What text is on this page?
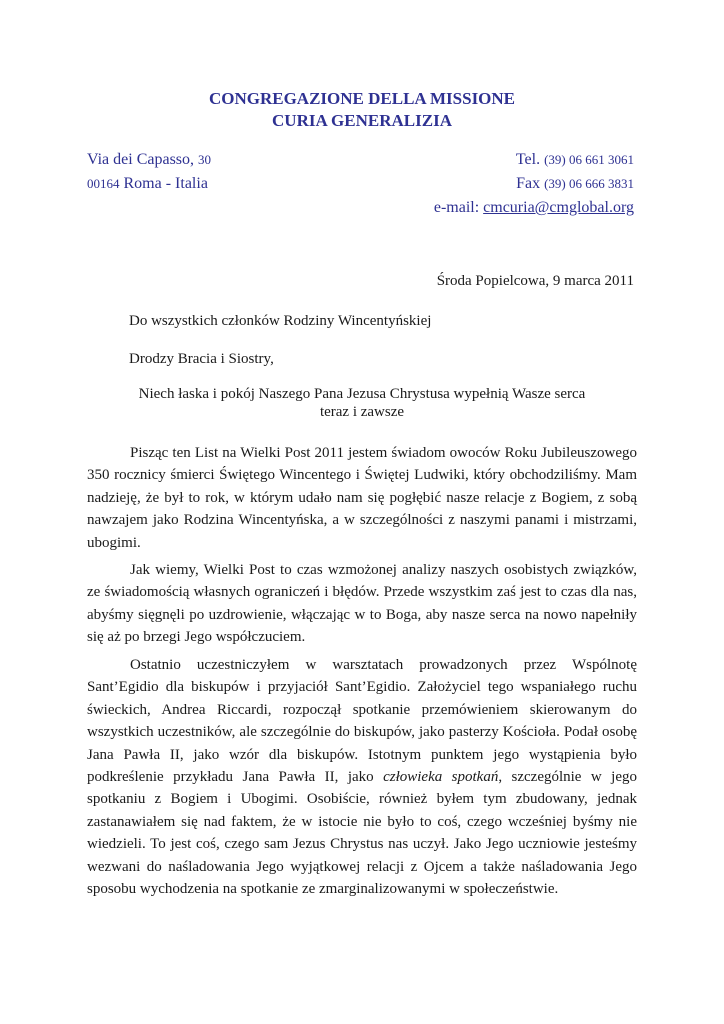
CONGREGAZIONE DELLA MISSIONE
CURIA GENERALIZIA
Via dei Capasso, 30
00164 Roma - Italia
Tel. (39) 06 661 3061
Fax (39) 06 666 3831
e-mail: cmcuria@cmglobal.org
Środa Popielcowa, 9 marca 2011
Do wszystkich członków Rodziny Wincentyńskiej
Drodzy Bracia i Siostry,
Niech łaska i pokój Naszego Pana Jezusa Chrystusa wypełnią Wasze serca
teraz i zawsze

Pisząc ten List na Wielki Post 2011 jestem świadom owoców Roku Jubileuszowego 350 rocznicy śmierci Świętego Wincentego i Świętej Ludwiki, który obchodziliśmy. Mam nadzieję, że był to rok, w którym udało nam się pogłębić nasze relacje z Bogiem, z sobą nawzajem jako Rodzina Wincentyńska, a w szczególności z naszymi panami i mistrzami, ubogimi.

Jak wiemy, Wielki Post to czas wzmożonej analizy naszych osobistych związków, ze świadomością własnych ograniczeń i błędów. Przede wszystkim zaś jest to czas dla nas, abyśmy sięgnęli po uzdrowienie, włączając w to Boga, aby nasze serca na nowo napełniły się aż po brzegi Jego współczuciem.

Ostatnio uczestniczyłem w warsztatach prowadzonych przez Wspólnotę Sant’Egidio dla biskupów i przyjaciół Sant’Egidio. Założyciel tego wspaniałego ruchu świeckich, Andrea Riccardi, rozpoczął spotkanie przemówieniem skierowanym do wszystkich uczestników, ale szczególnie do biskupów, jako pasterzy Kościoła. Podał osobę Jana Pawła II, jako wzór dla biskupów. Istotnym punktem jego wystąpienia było podkreślenie przykładu Jana Pawła II, jako człowieka spotkań, szczególnie w jego spotkaniu z Bogiem i Ubogimi. Osobiście, również byłem tym zbudowany, jednak zastanawiałem się nad faktem, że w istocie nie było to coś, czego wcześniej byśmy nie wiedzieli. To jest coś, czego sam Jezus Chrystus nas uczył. Jako Jego uczniowie jesteśmy wezwani do naśladowania Jego wyjątkowej relacji z Ojcem a także naśladowania Jego sposobu wychodzenia na spotkanie ze zmarginalizowanymi w społeczeństwie.
